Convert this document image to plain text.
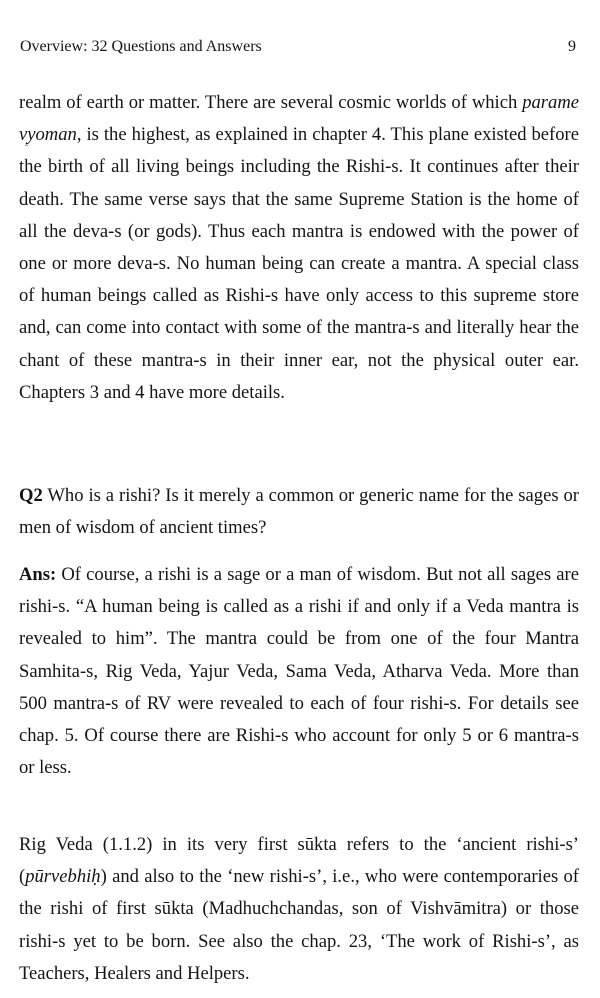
Overview: 32 Questions and Answers	9
ˆ

realm of earth or matter. There are several cosmic worlds of which parame vyoman, is the highest, as explained in chapter 4. This plane existed before the birth of all living beings including the Rishi-s. It continues after their death. The same verse says that the same Supreme Station is the home of all the deva-s (or gods). Thus each mantra is endowed with the power of one or more deva-s. No human being can create a mantra. A special class of human beings called as Rishi-s have only access to this supreme store and, can come into contact with some of the mantra-s and literally hear the chant of these mantra-s in their inner ear, not the physical outer ear. Chapters 3 and 4 have more details.

Q2 Who is a rishi? Is it merely a common or generic name for the sages or men of wisdom of ancient times?

Ans: Of course, a rishi is a sage or a man of wisdom. But not all sages are rishi-s. “A human being is called as a rishi if and only if a Veda mantra is revealed to him”. The mantra could be from one of the four Mantra Samhita-s, Rig Veda, Yajur Veda, Sama Veda, Atharva Veda. More than 500 mantra-s of RV were revealed to each of four rishi-s. For details see chap. 5. Of course there are Rishi-s who account for only 5 or 6 mantra-s or less.

Rig Veda (1.1.2) in its very first sūkta refers to the ‘ancient rishi-s’ (pūrvebhiḥ) and also to the ‘new rishi-s’, i.e., who were contemporaries of the rishi of first sūkta (Madhuchchandas, son of Vishvāmitra) or those rishi-s yet to be born. See also the chap. 23, ‘The work of Rishi-s’, as Teachers, Healers and Helpers.
